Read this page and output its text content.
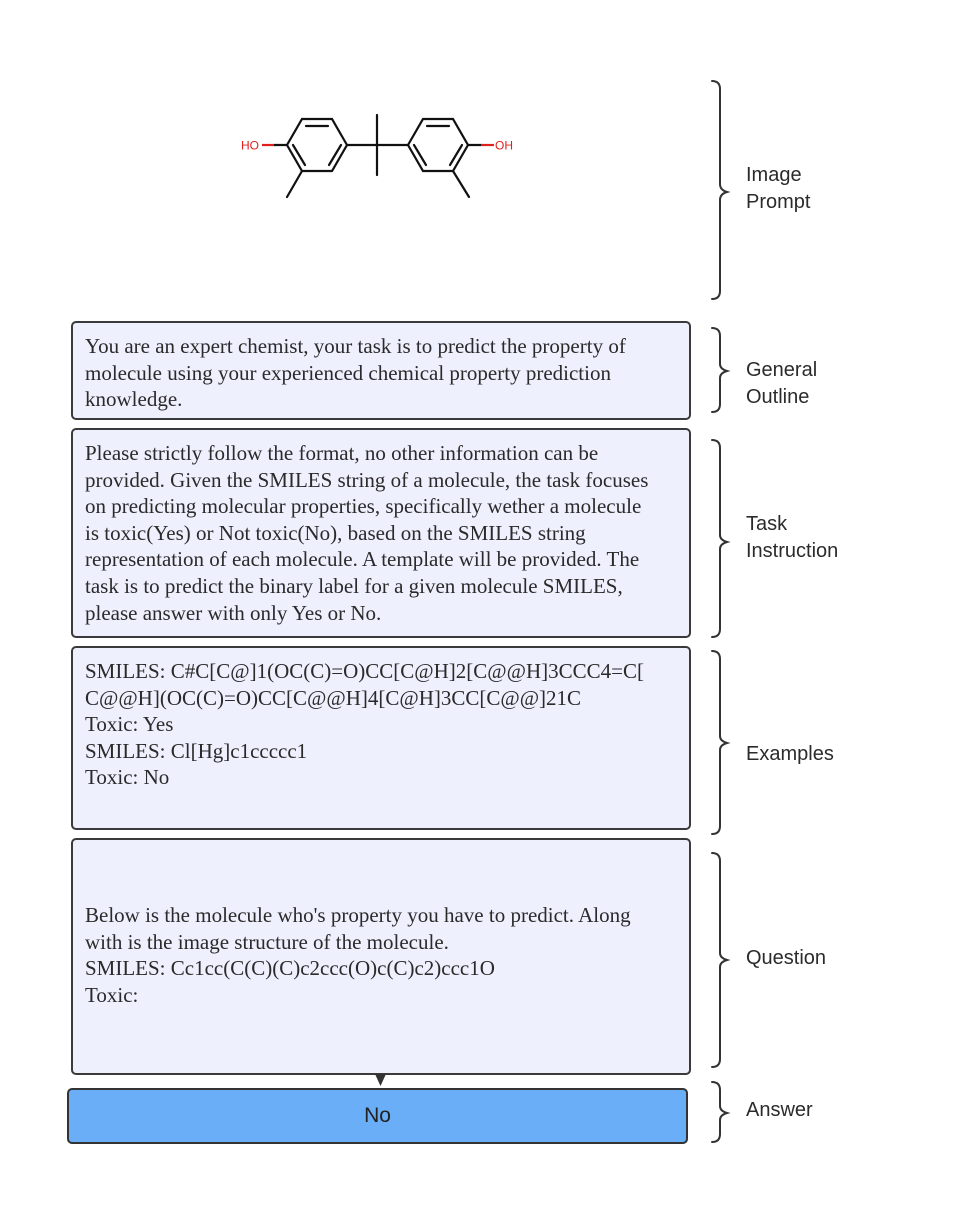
HO	OH
You are an expert chemist, your task is to predict the property of
molecule using your experienced chemical property prediction
knowledge.
Please strictly follow the format, no other information can be
provided. Given the SMILES string of a molecule, the task focuses
on predicting molecular properties, specifically wether a molecule
is toxic(Yes) or Not toxic(No), based on the SMILES string
representation of each molecule. A template will be provided. The
task is to predict the binary label for a given molecule SMILES,
please answer with only Yes or No.
SMILES: C#C[C@]1(OC(C)=O)CC[C@H]2[C@@H]3CCC4=C[
C@@H](OC(C)=O)CC[C@@H]4[C@H]3CC[C@@]21C
Toxic: Yes
SMILES: Cl[Hg]c1ccccc1
Toxic: No
Below is the molecule who's property you have to predict. Along
with is the image structure of the molecule.
SMILES: Cc1cc(C(C)(C)c2ccc(O)c(C)c2)ccc1O
Toxic:
No
Image
Prompt
General
Outline
Task
Instruction
Examples
Question
Answer
